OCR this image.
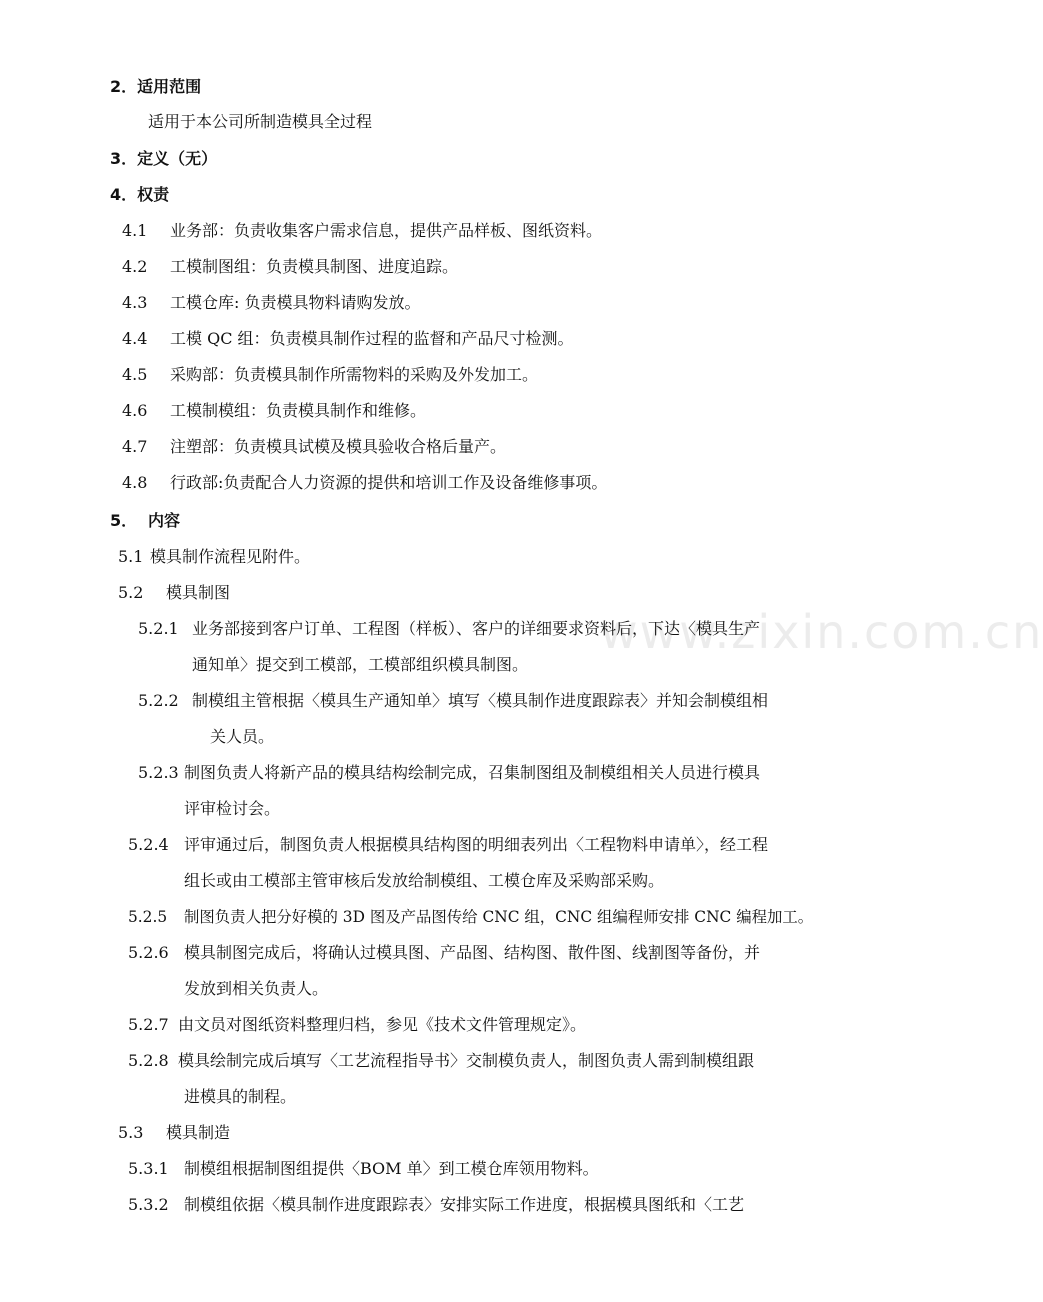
www.zixin.com.cn
2．适用范围
适用于本公司所制造模具全过程
3．定义（无）
4．权责
4.1 业务部：负责收集客户需求信息，提供产品样板、图纸资料。
4.2 工模制图组：负责模具制图、进度追踪。
4.3 工模仓库: 负责模具物料请购发放。
4.4 工模 QC 组：负责模具制作过程的监督和产品尺寸检测。
4.5 采购部：负责模具制作所需物料的采购及外发加工。
4.6 工模制模组：负责模具制作和维修。
4.7 注塑部：负责模具试模及模具验收合格后量产。
4.8 行政部:负责配合人力资源的提供和培训工作及设备维修事项。
5． 内容
5.1 模具制作流程见附件。
5.2 模具制图
5.2.1 业务部接到客户订单、工程图（样板）、客户的详细要求资料后，下达〈模具生产
通知单〉提交到工模部，工模部组织模具制图。
5.2.2 制模组主管根据〈模具生产通知单〉填写〈模具制作进度跟踪表〉并知会制模组相
关人员。
5.2.3 制图负责人将新产品的模具结构绘制完成，召集制图组及制模组相关人员进行模具
评审检讨会。
5.2.4 评审通过后，制图负责人根据模具结构图的明细表列出〈工程物料申请单〉，经工程
组长或由工模部主管审核后发放给制模组、工模仓库及采购部采购。
5.2.5 制图负责人把分好模的 3D 图及产品图传给 CNC 组，CNC 组编程师安排 CNC 编程加工。
5.2.6 模具制图完成后，将确认过模具图、产品图、结构图、散件图、线割图等备份，并
发放到相关负责人。
5.2.7 由文员对图纸资料整理归档，参见《技术文件管理规定》。
5.2.8 模具绘制完成后填写〈工艺流程指导书〉交制模负责人，制图负责人需到制模组跟
进模具的制程。
5.3 模具制造
5.3.1 制模组根据制图组提供〈BOM 单〉到工模仓库领用物料。
5.3.2 制模组依据〈模具制作进度跟踪表〉安排实际工作进度，根据模具图纸和〈工艺
